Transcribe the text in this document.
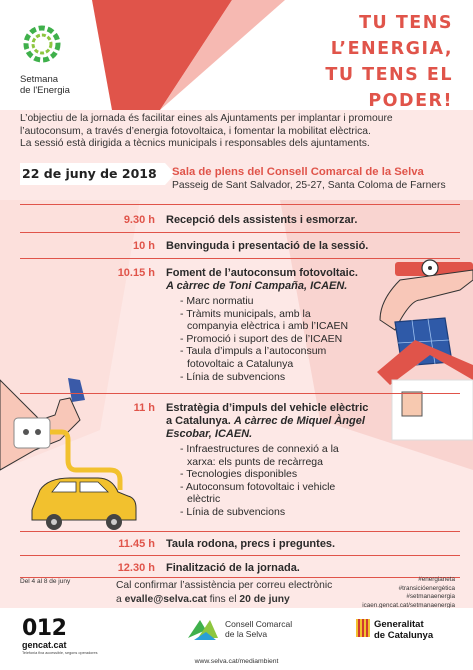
Setmana
de l'Energia
TU TENS
L’ENERGIA,
TU TENS EL
PODER!
L’objectiu de la jornada és facilitar eines als Ajuntaments per implantar i promoure
l’autoconsum, a través d’energia fotovoltaica, i fomentar la mobilitat elèctrica.
La sessió està dirigida a tècnics municipals i responsables dels ajuntaments.
22 de juny de 2018 Sala de plens del Consell Comarcal de la Selva
Passeig de Sant Salvador, 25-27, Santa Coloma de Farners
9.30 h Recepció dels assistents i esmorzar.
10 h Benvinguda i presentació de la sessió.
10.15 h Foment de l’autoconsum fotovoltaic.
A càrrec de Toni Campaña, ICAEN.
- Marc normatiu
- Tràmits municipals, amb la
companyia elèctrica i amb l’ICAEN
- Promoció i suport des de l’ICAEN
- Taula d’impuls a l’autoconsum
fotovoltaic a Catalunya
- Línia de subvencions
11 h Estratègia d’impuls del vehicle elèctric
a Catalunya. A càrrec de Miquel Àngel
Escobar, ICAEN.
- Infraestructures de connexió a la
xarxa: els punts de recàrrega
- Tecnologies disponibles
- Autoconsum fotovoltaic i vehicle
elèctric
- Línia de subvencions
11.45 h Taula rodona, precs i preguntes.
12.30 h Finalització de la jornada.
Del 4 al 8 de juny	Cal confirmar l’assistència per correu electrònic
a evalle@selva.cat fins el 20 de juny
#energianeta
#transicióenergètica
#setmanaenergia
icaen.gencat.cat/setmanaenergia
012
gencat.cat
Telefonia fixa accessible, segons operadores
Consell Comarcal
de la Selva
www.selva.cat/mediambient
Generalitat
de Catalunya
